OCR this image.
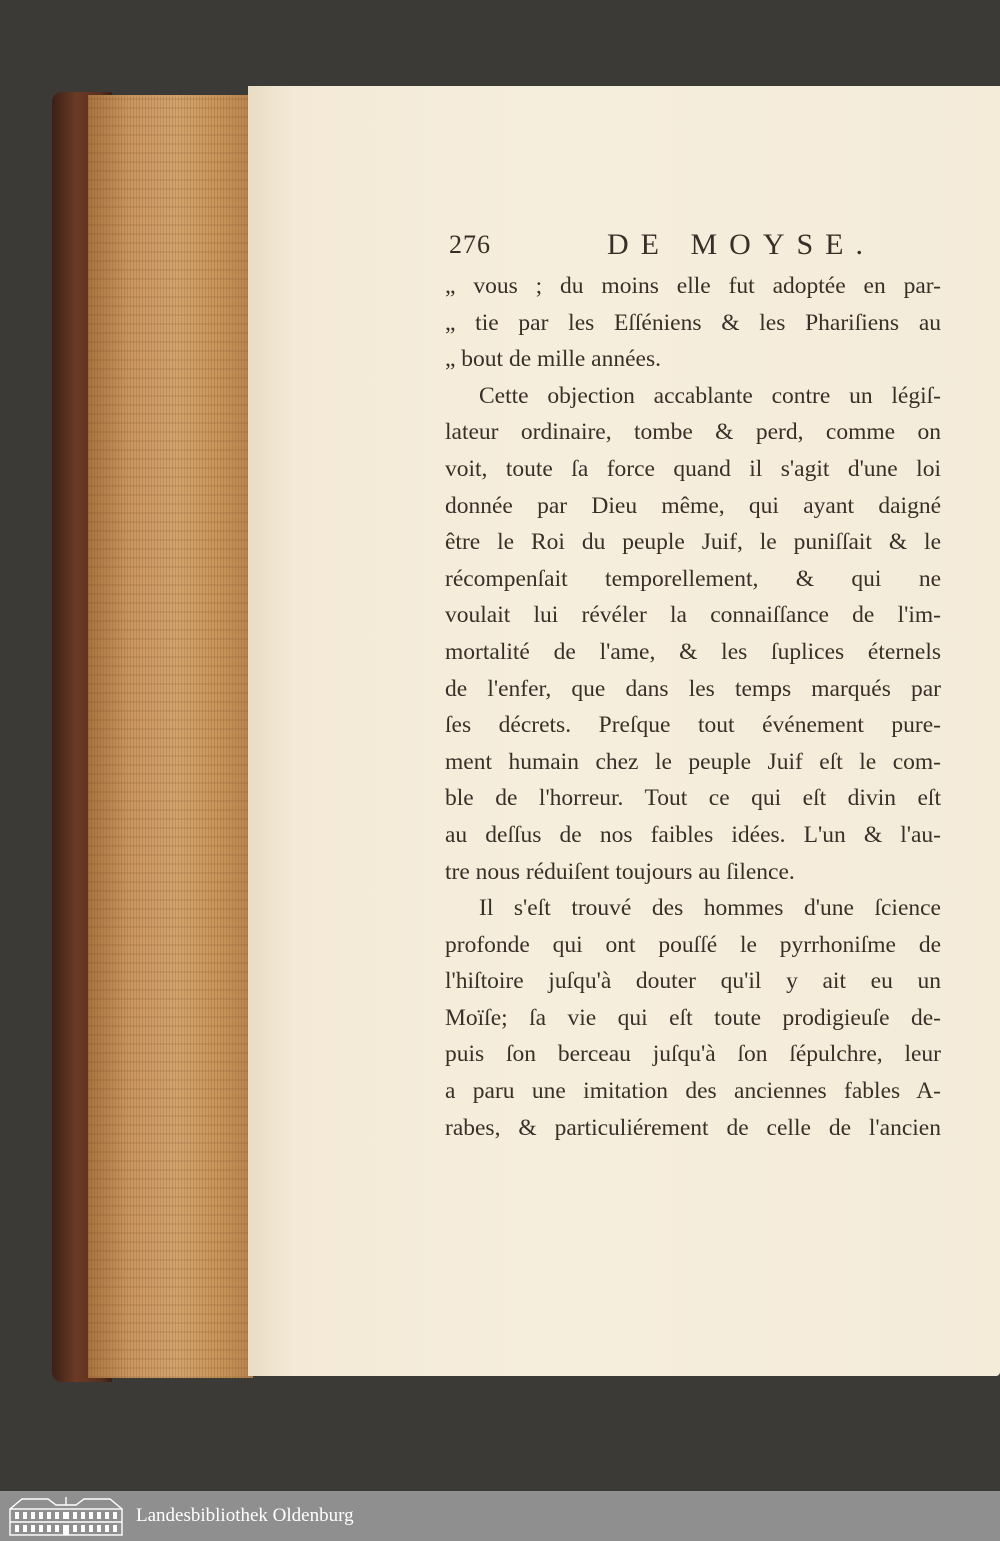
276	DE MOYSE.
„ vous ; du moins elle fut adoptée en par-
„ tie par les Eſſéniens & les Phariſiens au
„ bout de mille années.
Cette objection accablante contre un légiſ-
lateur ordinaire, tombe & perd, comme on
voit, toute ſa force quand il s'agit d'une loi
donnée par Dieu même, qui ayant daigné
être le Roi du peuple Juif, le puniſſait & le
récompenſait temporellement, & qui ne
voulait lui révéler la connaiſſance de l'im-
mortalité de l'ame, & les ſuplices éternels
de l'enfer, que dans les temps marqués par
ſes décrets. Preſque tout événement pure-
ment humain chez le peuple Juif eſt le com-
ble de l'horreur. Tout ce qui eſt divin eſt
au deſſus de nos faibles idées. L'un & l'au-
tre nous réduiſent toujours au ſilence.
Il s'eſt trouvé des hommes d'une ſcience
profonde qui ont pouſſé le pyrrhoniſme de
l'hiſtoire juſqu'à douter qu'il y ait eu un
Moïſe; ſa vie qui eſt toute prodigieuſe de-
puis ſon berceau juſqu'à ſon ſépulchre, leur
a paru une imitation des anciennes fables A-
rabes, & particuliérement de celle de l'ancien
Landesbibliothek Oldenburg
